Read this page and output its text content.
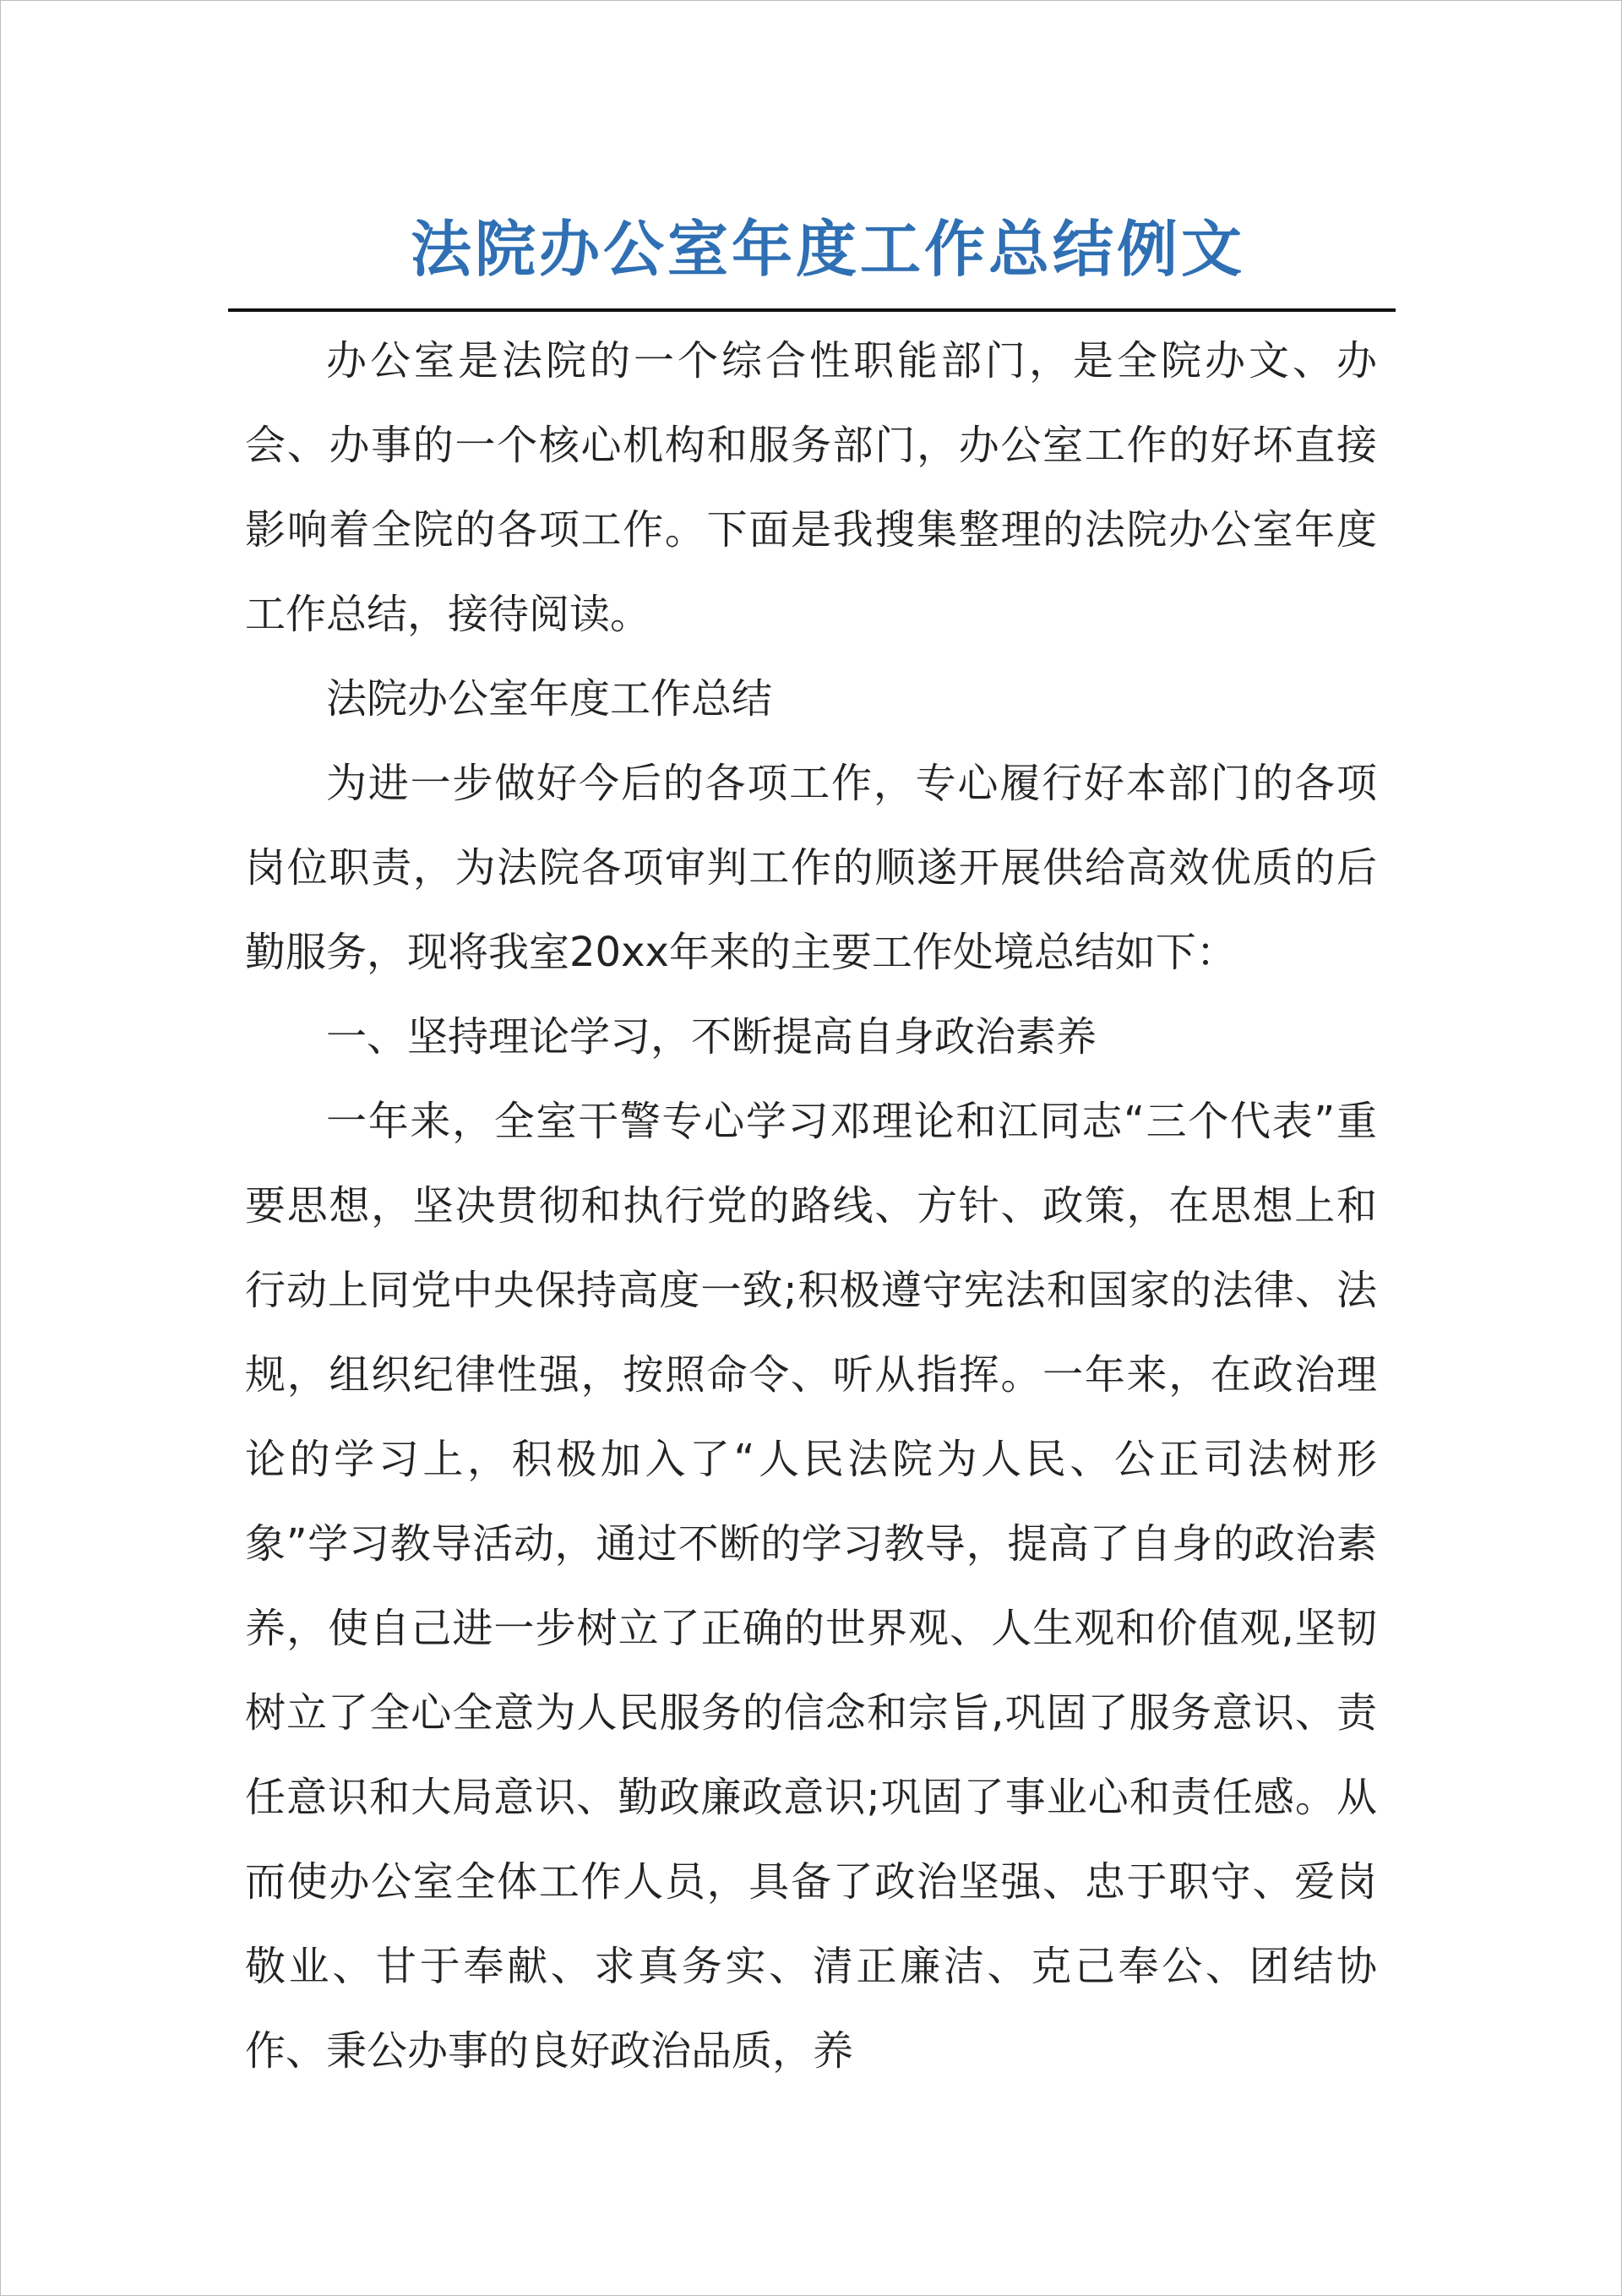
法院办公室年度工作总结例文

办公室是法院的一个综合性职能部门，是全院办文、办会、办事的一个核心机构和服务部门，办公室工作的好坏直接影响着全院的各项工作。下面是我搜集整理的法院办公室年度工作总结，接待阅读。

法院办公室年度工作总结

为进一步做好今后的各项工作，专心履行好本部门的各项岗位职责，为法院各项审判工作的顺遂开展供给高效优质的后勤服务，现将我室20xx年来的主要工作处境总结如下：

一、坚持理论学习，不断提高自身政治素养

一年来，全室干警专心学习邓理论和江同志“三个代表”重要思想，坚决贯彻和执行党的路线、方针、政策，在思想上和行动上同党中央保持高度一致;积极遵守宪法和国家的法律、法规，组织纪律性强，按照命令、听从指挥。一年来，在政治理论的学习上，积极加入了“人民法院为人民、公正司法树形象”学习教导活动，通过不断的学习教导，提高了自身的政治素养，使自己进一步树立了正确的世界观、人生观和价值观,坚韧树立了全心全意为人民服务的信念和宗旨,巩固了服务意识、责任意识和大局意识、勤政廉政意识;巩固了事业心和责任感。从而使办公室全体工作人员，具备了政治坚强、忠于职守、爱岗敬业、甘于奉献、求真务实、清正廉洁、克己奉公、团结协作、秉公办事的良好政治品质，养
